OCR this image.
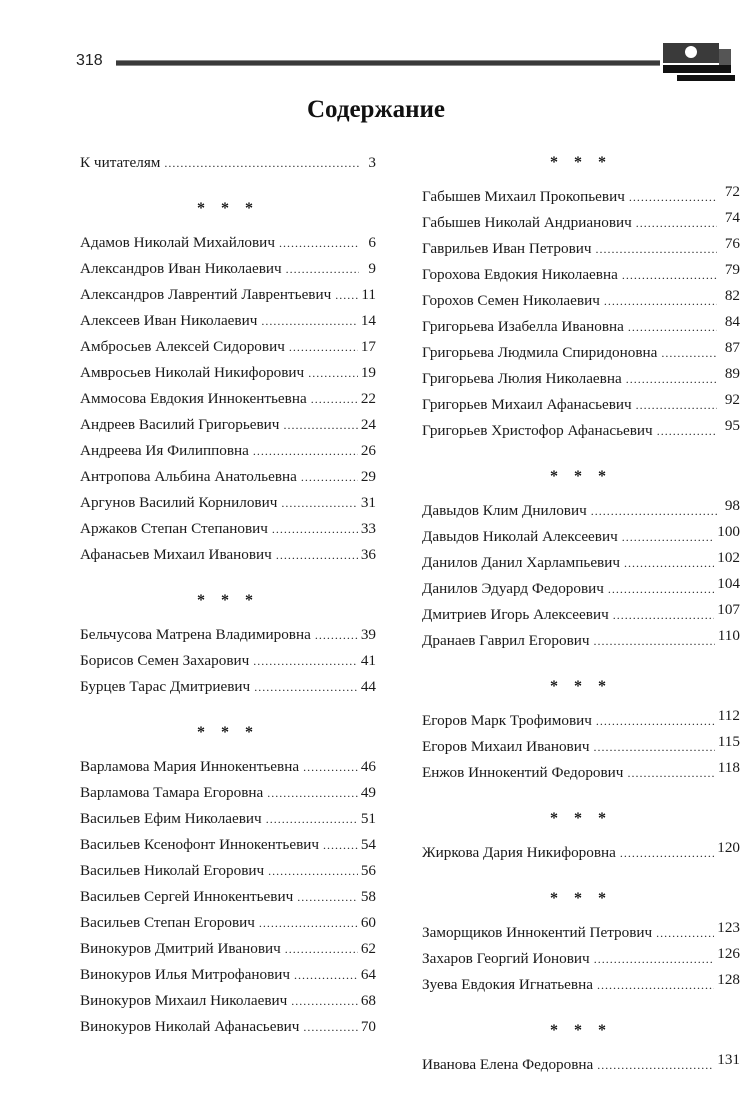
318
Содержание
К читателям .....	3
* * *
Адамов Николай Михайлович .....	6
Александров Иван Николаевич .....	9
Александров Лаврентий Лаврентьевич ..... 11
Алексеев Иван Николаевич .....	14
Амбросьев Алексей Сидорович .....	17
Амвросьев Николай Никифорович .....	19
Аммосова Евдокия Иннокентьевна .....	22
Андреев Василий Григорьевич .....	24
Андреева Ия Филипповна .....	26
Антропова Альбина Анатольевна .....	29
Аргунов Василий Корнилович .....	31
Аржаков Степан Степанович .....	33
Афанасьев Михаил Иванович .....	36
* * *
Бельчусова Матрена Владимировна .....	39
Борисов Семен Захарович .....	41
Бурцев Тарас Дмитриевич .....	44
* * *
Варламова Мария Иннокентьевна .....	46
Варламова Тамара Егоровна .....	49
Васильев Ефим Николаевич .....	51
Васильев Ксенофонт Иннокентьевич .....	54
Васильев Николай Егорович .....	56
Васильев Сергей Иннокентьевич .....	58
Васильев Степан Егорович .....	60
Винокуров Дмитрий Иванович .....	62
Винокуров Илья Митрофанович .....	64
Винокуров Михаил Николаевич .....	68
Винокуров Николай Афанасьевич .....	70
* * *
Габышев Михаил Прокопьевич .....	72
Габышев Николай Андрианович .....	74
Гаврильев Иван Петрович .....	76
Горохова Евдокия Николаевна .....	79
Горохов Семен Николаевич .....	82
Григорьева Изабелла Ивановна .....	84
Григорьева Людмила Спиридоновна .....	87
Григорьева Люлия Николаевна .....	89
Григорьев Михаил Афанасьевич .....	92
Григорьев Христофор Афанасьевич .....	95
* * *
Давыдов Клим Днилович .....	98
Давыдов Николай Алексеевич .....	100
Данилов Данил Харлампьевич .....	102
Данилов Эдуард Федорович .....	104
Дмитриев Игорь Алексеевич .....	107
Дранаев Гаврил Егорович .....	110
* * *
Егоров Марк Трофимович .....	112
Егоров Михаил Иванович .....	115
Енжов Иннокентий Федорович .....	118
* * *
Жиркова Дария Никифоровна .....	120
* * *
Заморщиков Иннокентий Петрович .....	123
Захаров Георгий Ионович .....	126
Зуева Евдокия Игнатьевна .....	128
* * *
Иванова Елена Федоровна .....	131
